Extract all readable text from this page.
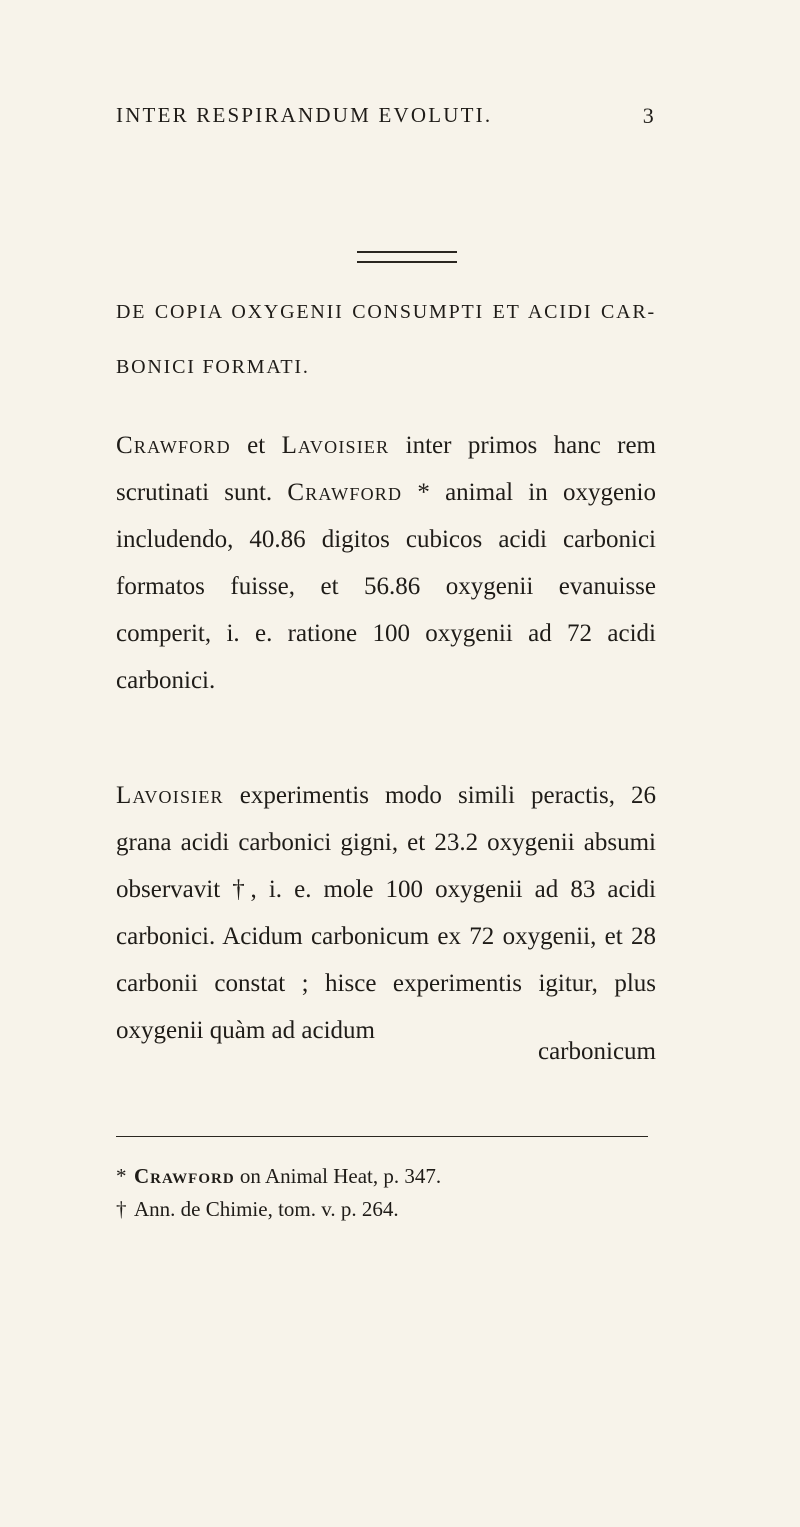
INTER RESPIRANDUM EVOLUTI.	3
DE COPIA OXYGENII CONSUMPTI ET ACIDI CAR-BONICI FORMATI.

Crawford et Lavoisier inter primos hanc rem scrutinati sunt. Crawford * animal in oxygenio includendo, 40.86 digitos cubicos acidi carbonici formatos fuisse, et 56.86 oxygenii evanuisse comperit, i. e. ratione 100 oxygenii ad 72 acidi carbonici.

Lavoisier experimentis modo simili peractis, 26 grana acidi carbonici gigni, et 23.2 oxygenii absumi observavit †, i. e. mole 100 oxygenii ad 83 acidi carbonici. Acidum carbonicum ex 72 oxygenii, et 28 carbonii constat ; hisce experimentis igitur, plus oxygenii quàm ad acidum

carbonicum

* Crawford on Animal Heat, p. 347.

† Ann. de Chimie, tom. v. p. 264.
